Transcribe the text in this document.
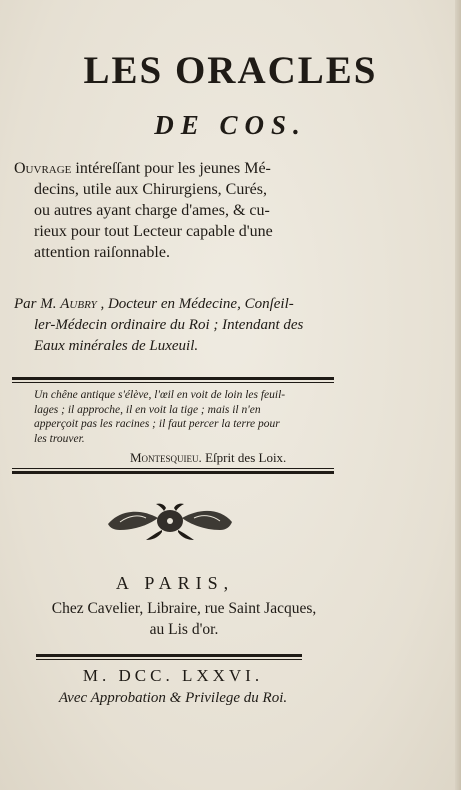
LES ORACLES
DE COS.
Ouvrage intéreſſant pour les jeunes Mé-
decins, utile aux Chirurgiens, Curés,
ou autres ayant charge d'ames, & cu-
rieux pour tout Lecteur capable d'une
attention raiſonnable.
Par M. Aubry , Docteur en Médecine, Conſeil-
ler-Médecin ordinaire du Roi ; Intendant des
Eaux minérales de Luxeuil.
Un chêne antique s'élève, l'œil en voit de loin les feuil-
lages ; il approche, il en voit la tige ; mais il n'en
apperçoit pas les racines ; il faut percer la terre pour
les trouver.
Montesquieu. Eſprit des Loix.
A PARIS,
Chez Cavelier, Libraire, rue Saint Jacques,
au Lis d'or.
M. DCC. LXXVI.
Avec Approbation & Privilege du Roi.
